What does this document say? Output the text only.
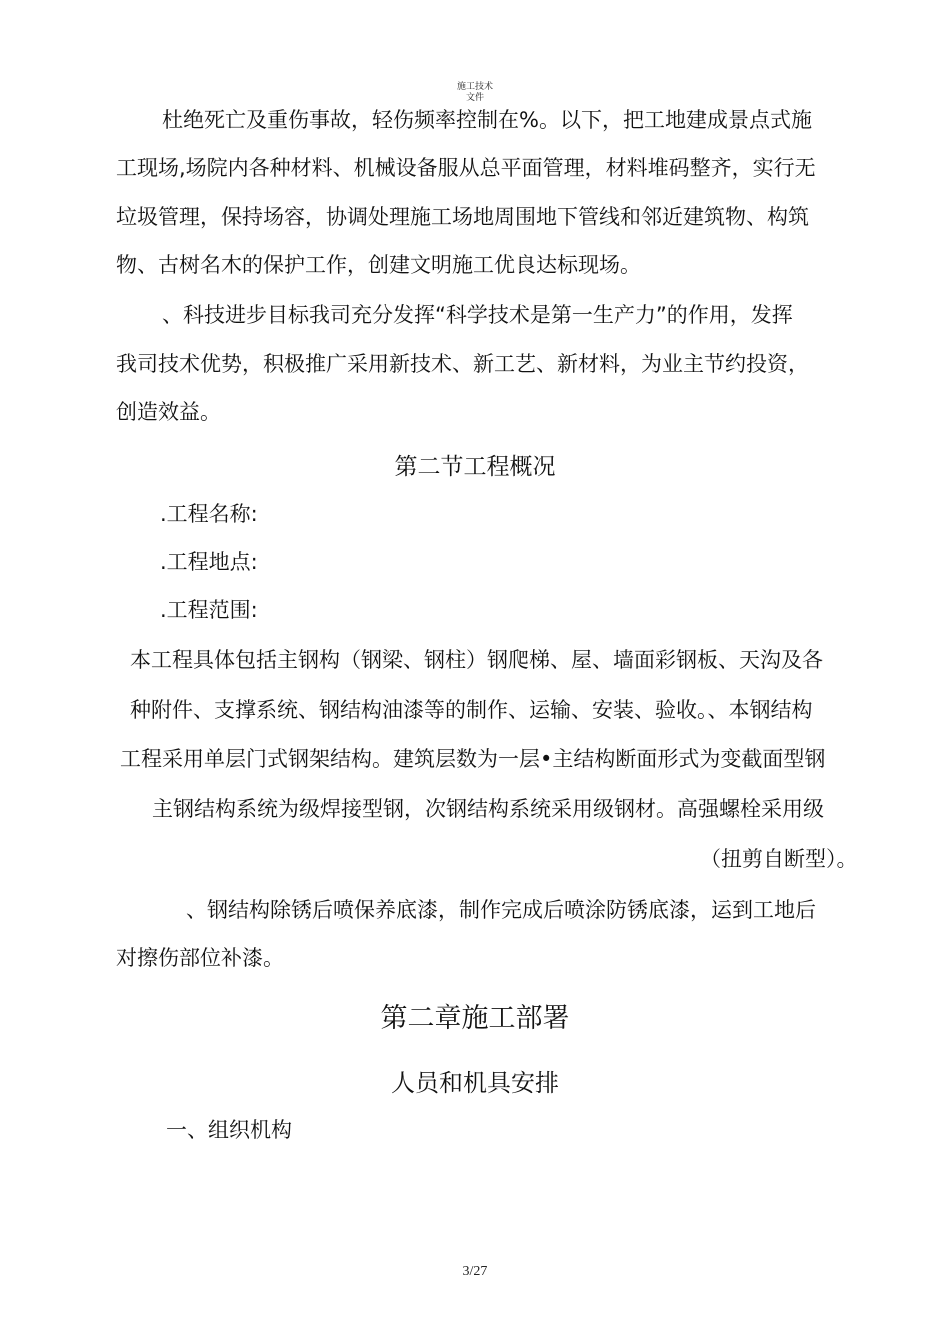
施工技术
文件
杜绝死亡及重伤事故，轻伤频率控制在%。以下，把工地建成景点式施
工现场,场院内各种材料、机械设备服从总平面管理，材料堆码整齐，实行无
垃圾管理，保持场容，协调处理施工场地周围地下管线和邻近建筑物、构筑
物、古树名木的保护工作，创建文明施工优良达标现场。
、科技进步目标我司充分发挥“科学技术是第一生产力”的作用，发挥
我司技术优势，积极推广采用新技术、新工艺、新材料，为业主节约投资，
创造效益。
第二节工程概况
.工程名称:
.工程地点:
.工程范围:
本工程具体包括主钢构（钢梁、钢柱）钢爬梯、屋、墙面彩钢板、天沟及各
种附件、支撑系统、钢结构油漆等的制作、运输、安装、验收。、本钢结构
工程采用单层门式钢架结构。建筑层数为一层•主结构断面形式为变截面型钢
主钢结构系统为级焊接型钢，次钢结构系统采用级钢材。高强螺栓采用级
（扭剪自断型）。
、钢结构除锈后喷保养底漆，制作完成后喷涂防锈底漆，运到工地后
对擦伤部位补漆。
第二章施工部署
人员和机具安排
一、组织机构
3/27
